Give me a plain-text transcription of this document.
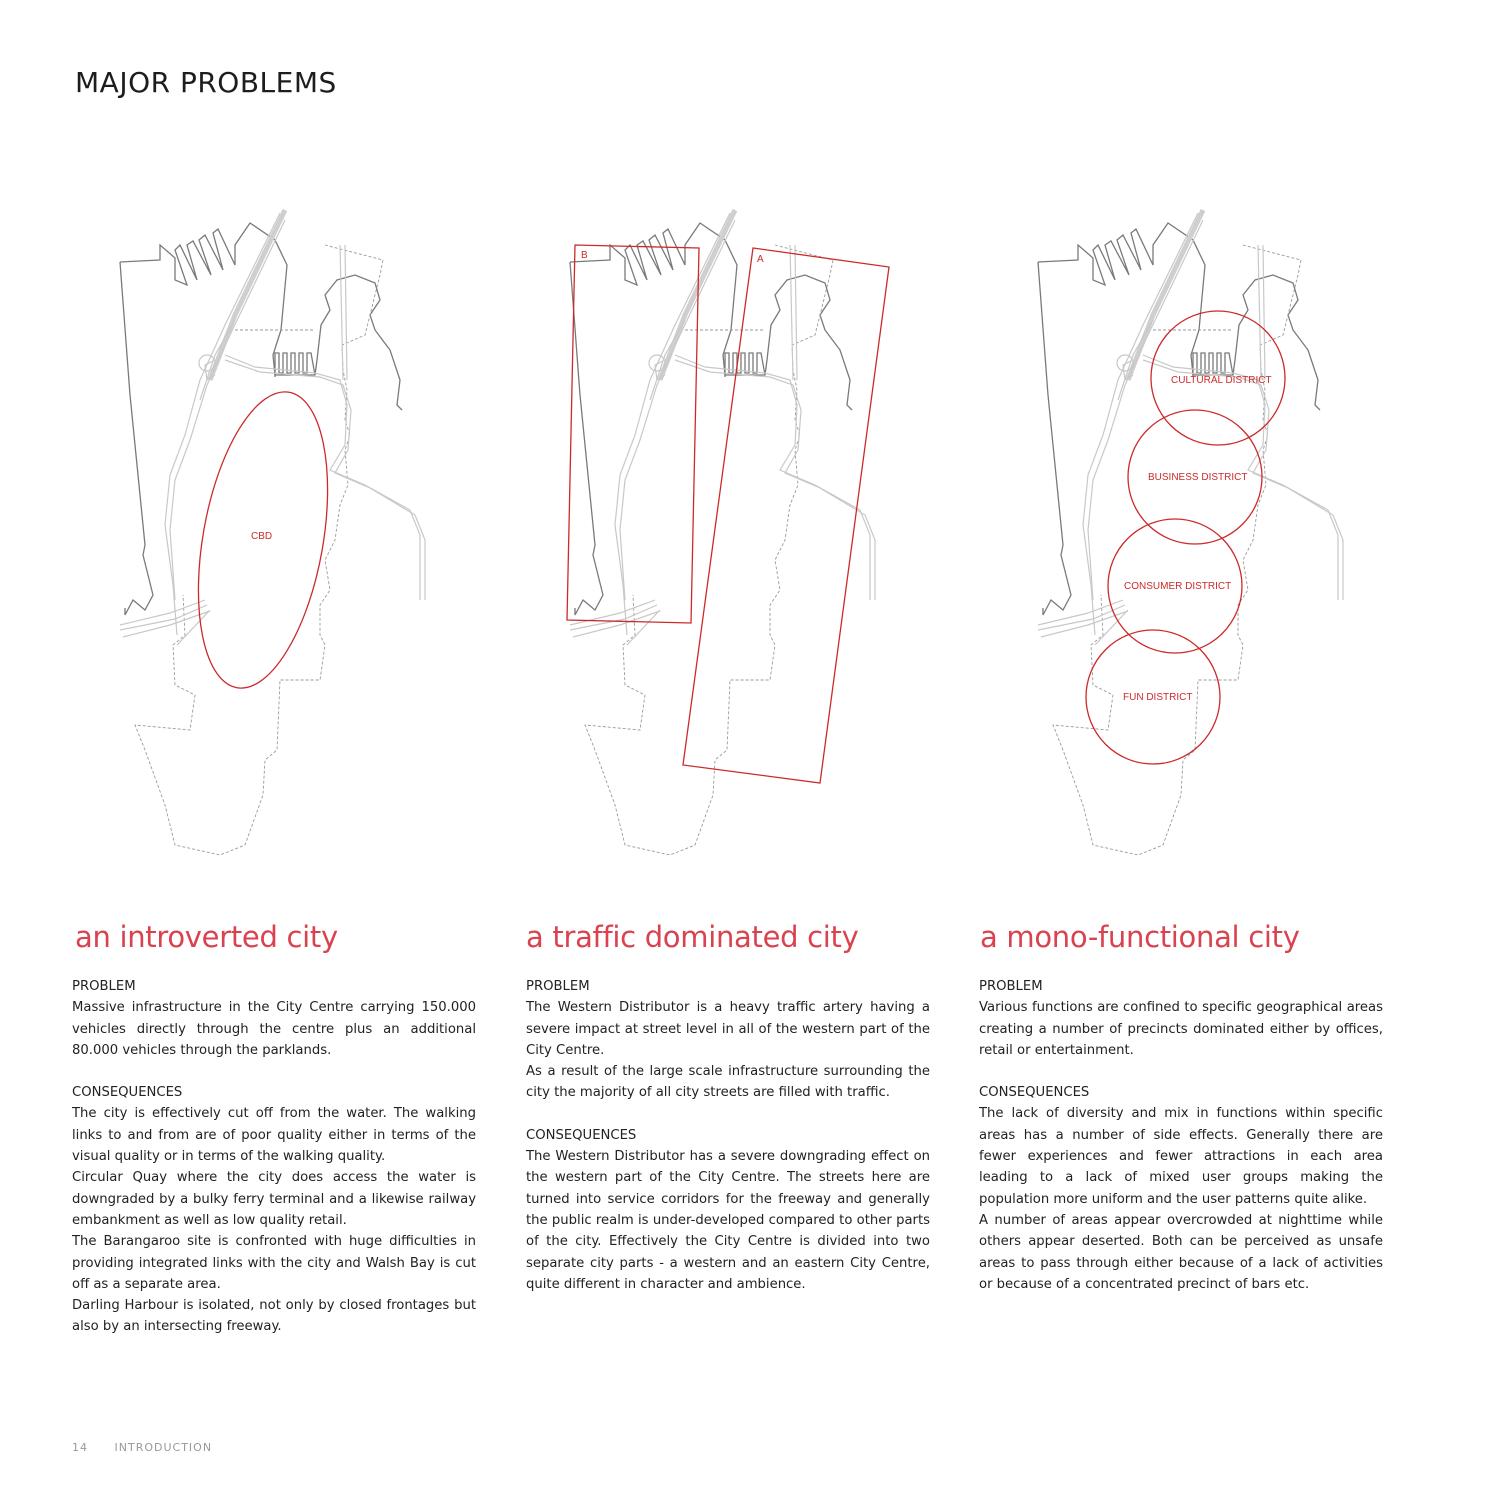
MAJOR PROBLEMS
CBD
B	A
CULTURAL DISTRICT
BUSINESS DISTRICT
CONSUMER DISTRICT
FUN DISTRICT
an introverted city
PROBLEM

Massive infrastructure in the City Centre carrying 150.000 vehicles directly through the centre plus an additional 80.000 vehicles through the parklands.

CONSEQUENCES

The city is effectively cut off from the water. The walking links to and from are of poor quality either in terms of the visual quality or in terms of the walking quality.

Circular Quay where the city does access the water is downgraded by a bulky ferry terminal and a likewise railway embankment as well as low quality retail.

The Barangaroo site is confronted with huge difficulties in providing integrated links with the city and Walsh Bay is cut off as a separate area.

Darling Harbour is isolated, not only by closed frontages but also by an intersecting freeway.

a traffic dominated city
PROBLEM

The Western Distributor is a heavy traffic artery having a severe impact at street level in all of the western part of the City Centre.

As a result of the large scale infrastructure surrounding the city the majority of all city streets are filled with traffic.

CONSEQUENCES

The Western Distributor has a severe downgrading effect on the western part of the City Centre. The streets here are turned into service corridors for the freeway and generally the public realm is under-developed compared to other parts of the city. Effectively the City Centre is divided into two separate city parts - a western and an eastern City Centre, quite different in character and ambience.

a mono-functional city
PROBLEM

Various functions are confined to specific geographical areas creating a number of precincts dominated either by offices, retail or entertainment.

CONSEQUENCES

The lack of diversity and mix in functions within specific areas has a number of side effects. Generally there are fewer experiences and fewer attractions in each area leading to a lack of mixed user groups making the population more uniform and the user patterns quite alike.

A number of areas appear overcrowded at nighttime while others appear deserted. Both can be perceived as unsafe areas to pass through either because of a lack of activities or because of a concentrated precinct of bars etc.

14 INTRODUCTION
